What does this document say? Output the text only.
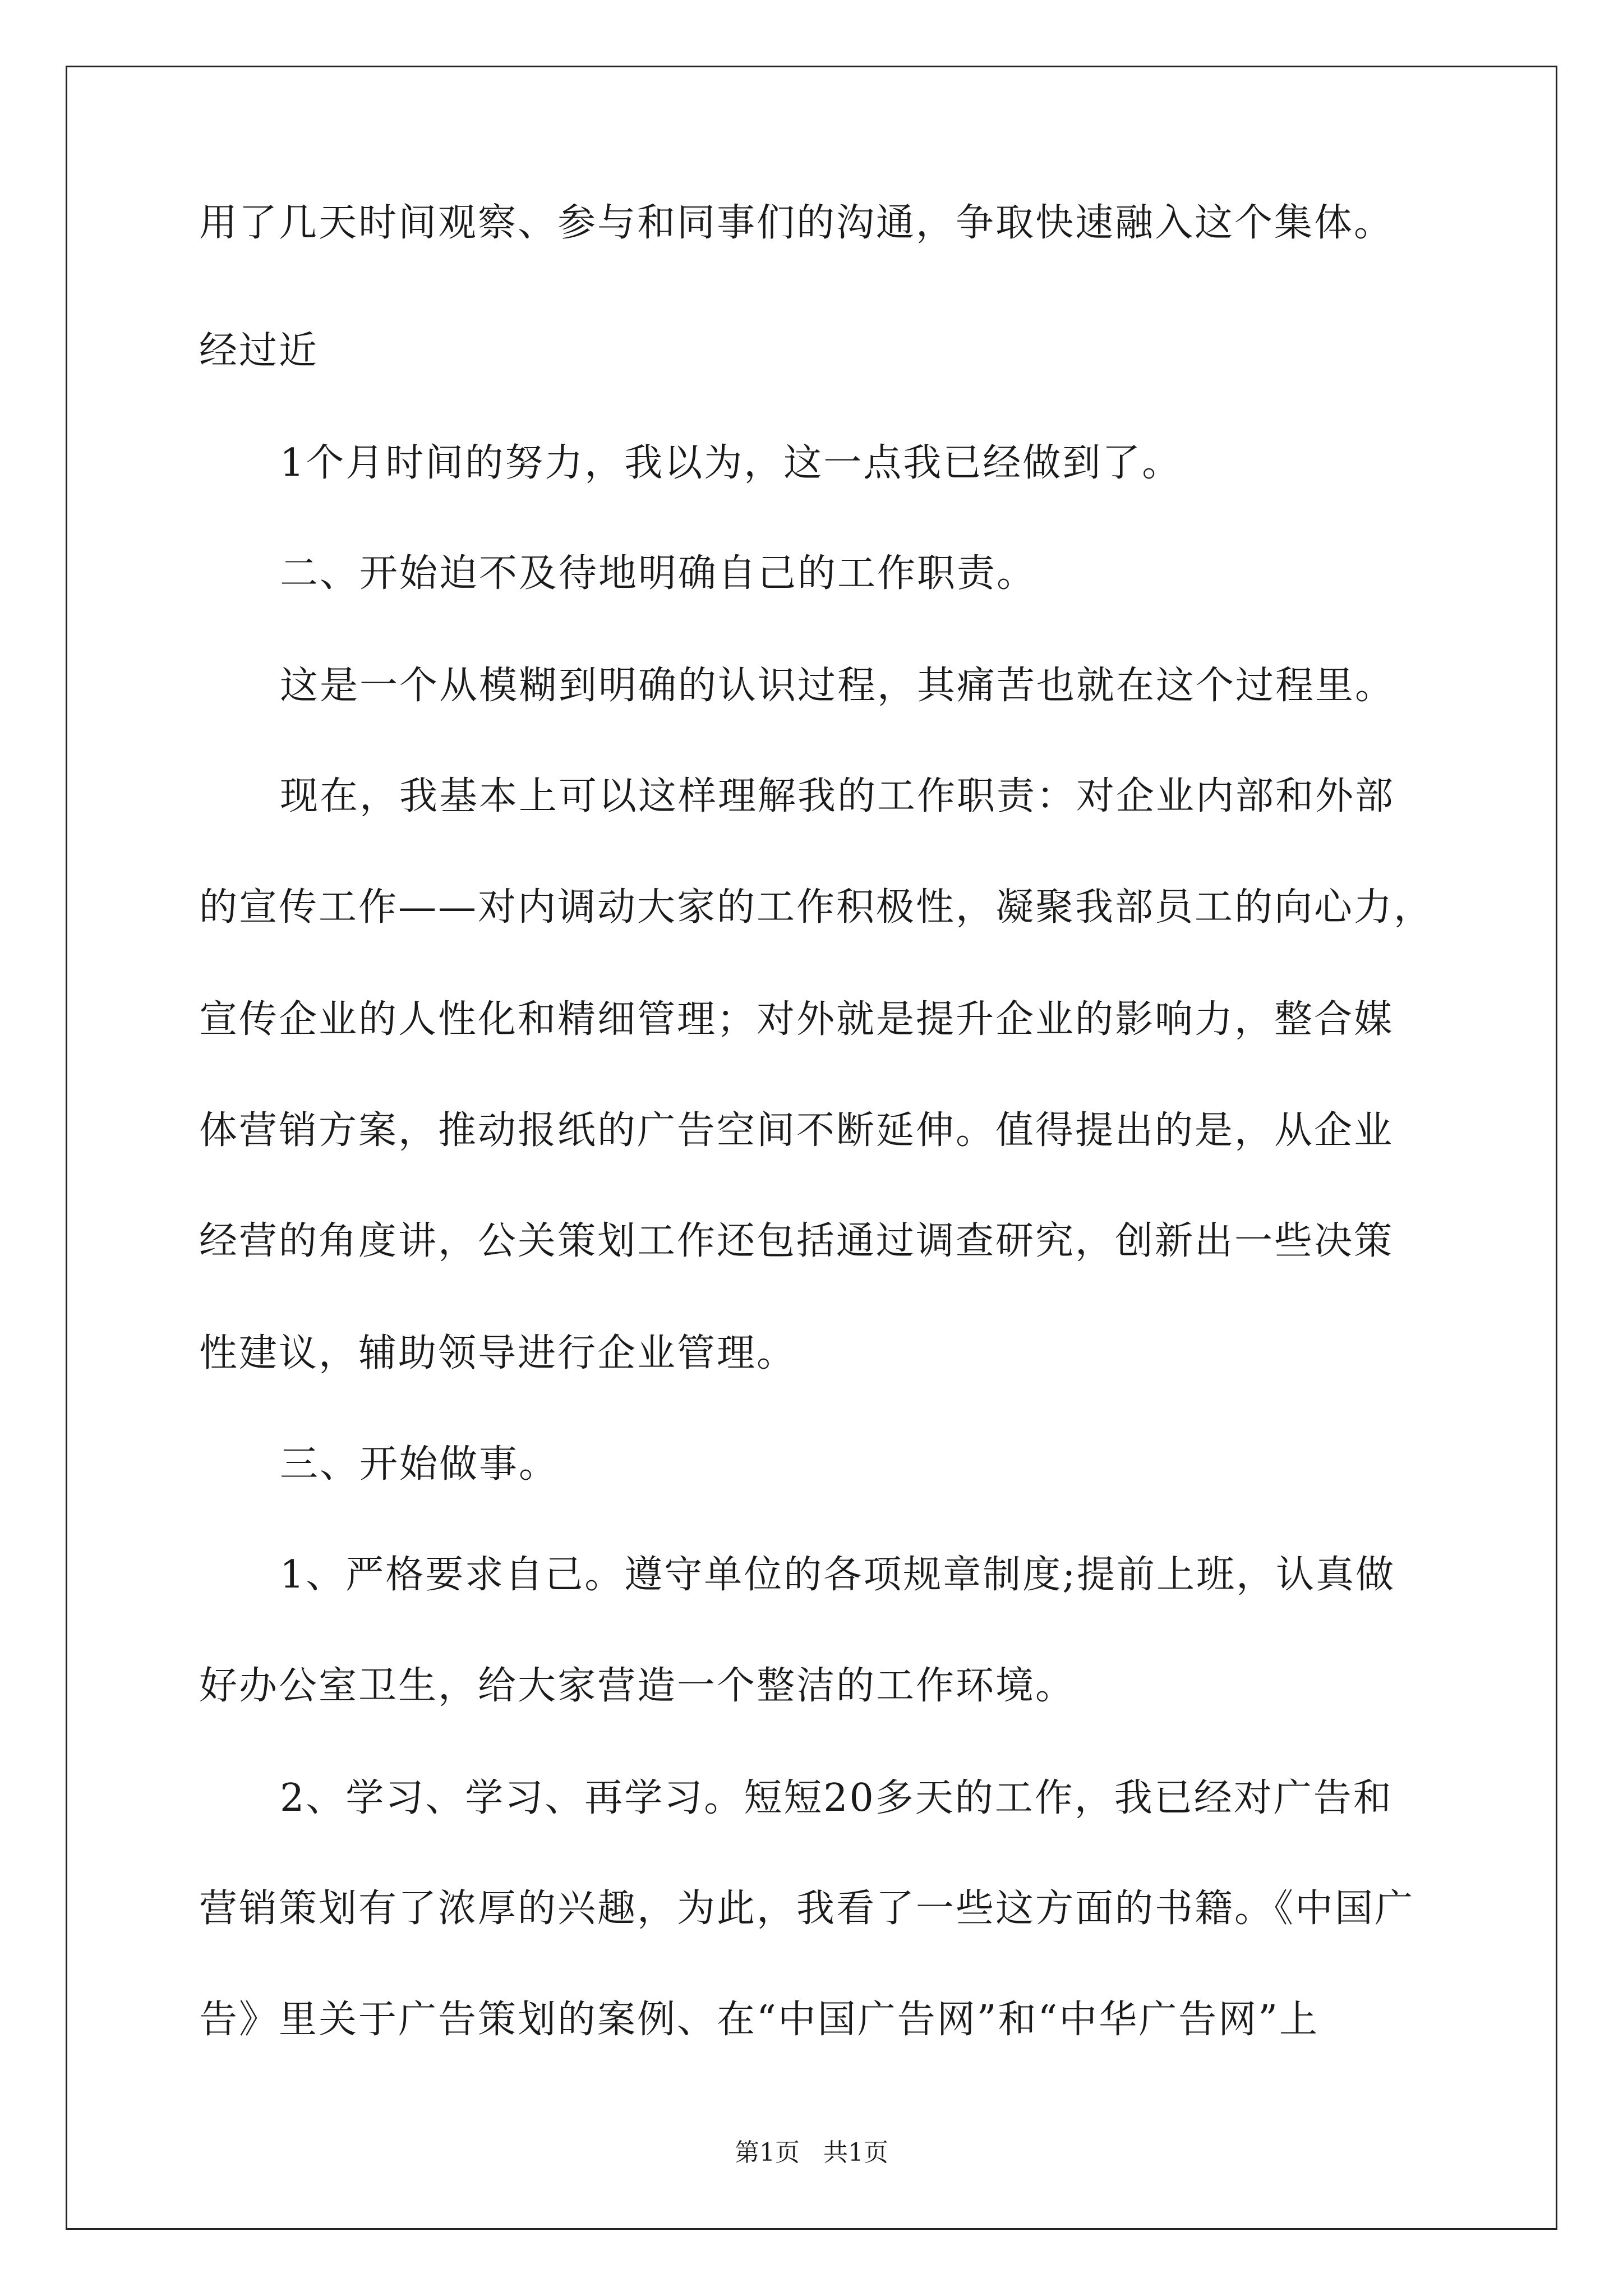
用了几天时间观察、参与和同事们的沟通，争取快速融入这个集体。
经过近
1个月时间的努力，我以为，这一点我已经做到了。
二、开始迫不及待地明确自己的工作职责。
这是一个从模糊到明确的认识过程，其痛苦也就在这个过程里。
现在，我基本上可以这样理解我的工作职责：对企业内部和外部
的宣传工作——对内调动大家的工作积极性，凝聚我部员工的向心力，
宣传企业的人性化和精细管理；对外就是提升企业的影响力，整合媒
体营销方案，推动报纸的广告空间不断延伸。值得提出的是，从企业
经营的角度讲，公关策划工作还包括通过调查研究，创新出一些决策
性建议，辅助领导进行企业管理。
三、开始做事。
1、严格要求自己。遵守单位的各项规章制度;提前上班，认真做
好办公室卫生，给大家营造一个整洁的工作环境。
2、学习、学习、再学习。短短20多天的工作，我已经对广告和
营销策划有了浓厚的兴趣，为此，我看了一些这方面的书籍。《中国广
告》里关于广告策划的案例、在“中国广告网”和“中华广告网”上
第1页   共1页
